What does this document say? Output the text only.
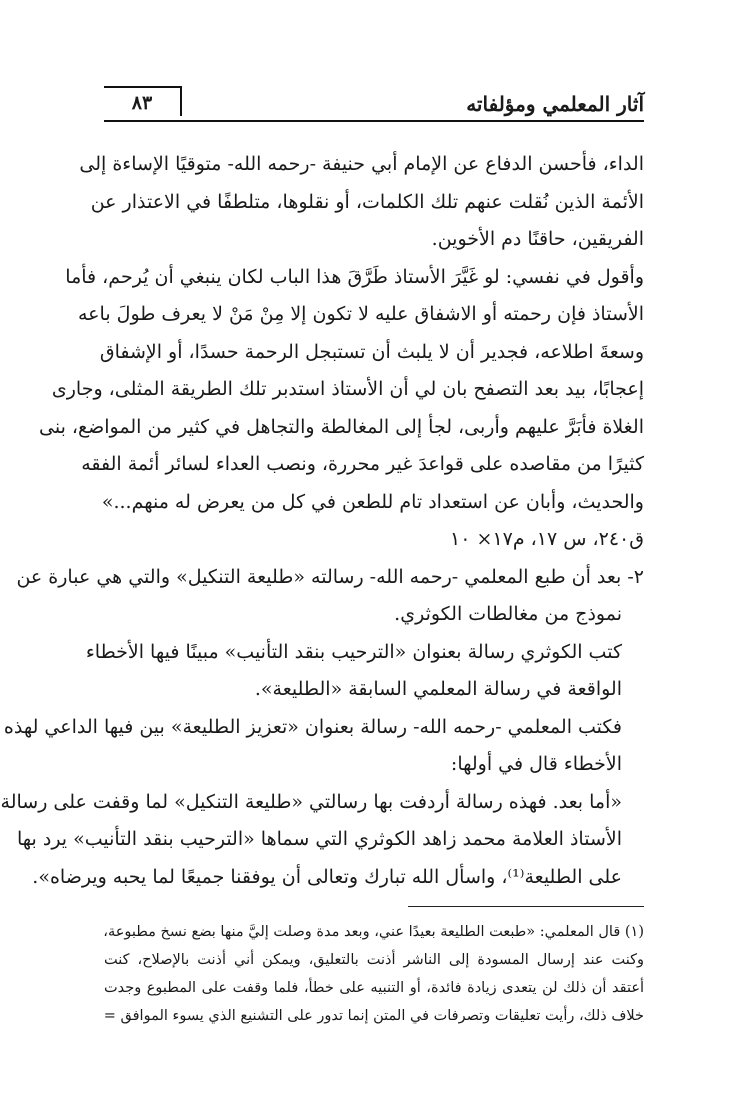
آثار المعلمي ومؤلفاته
٨٣
الداء، فأحسن الدفاع عن الإمام أبي حنيفة -رحمه الله- متوقيًا الإساءة إلى
الأئمة الذين نُقلت عنهم تلك الكلمات، أو نقلوها، متلطفًا في الاعتذار عن
الفريقين، حاقنًا دم الأخوين.
وأقول في نفسي: لو غَيَّرَ الأستاذ طَرَّقَ هذا الباب لكان ينبغي أن يُرحم، فأما
الأستاذ فإن رحمته أو الاشفاق عليه لا تكون إلا مِنْ مَنْ لا يعرف طولَ باعه
وسعةَ اطلاعه، فجدير أن لا يلبث أن تستبجل الرحمة حسدًا، أو الإشفاق
إعجابًا، بيد بعد التصفح بان لي أن الأستاذ استدبر تلك الطريقة المثلى، وجارى
الغلاة فأبَرَّ عليهم وأربى، لجأ إلى المغالطة والتجاهل في كثير من المواضع، بنى
كثيرًا من مقاصده على قواعدَ غير محررة، ونصب العداء لسائر أئمة الفقه
والحديث، وأبان عن استعداد تام للطعن في كل من يعرض له منهم...»
ق٢٤٠، س ١٧، م١٧× ١٠
٢- بعد أن طبع المعلمي -رحمه الله- رسالته «طليعة التنكيل» والتي هي عبارة عن
نموذج من مغالطات الكوثري.
كتب الكوثري رسالة بعنوان «الترحيب بنقد التأنيب» مبينًا فيها الأخطاء
الواقعة في رسالة المعلمي السابقة «الطليعة».
فكتب المعلمي -رحمه الله- رسالة بعنوان «تعزيز الطليعة» بين فيها الداعي لهذه
الأخطاء قال في أولها:
«أما بعد. فهذه رسالة أردفت بها رسالتي «طليعة التنكيل» لما وقفت على رسالة
الأستاذ العلامة محمد زاهد الكوثري التي سماها «الترحيب بنقد التأنيب» يرد بها
على الطليعة⁽¹⁾، واسأل الله تبارك وتعالى أن يوفقنا جميعًا لما يحبه ويرضاه».
(١) قال المعلمي: «طبعت الطليعة بعيدًا عني، وبعد مدة وصلت إليَّ منها بضع نسخ مطبوعة،
وكنت عند إرسال المسودة إلى الناشر أذنت بالتعليق، ويمكن أني أذنت بالإصلاح، كنت
أعتقد أن ذلك لن يتعدى زيادة فائدة، أو التنبيه على خطأ، فلما وقفت على المطبوع وجدت
خلاف ذلك، رأيت تعليقات وتصرفات في المتن إنما تدور على التشنيع الذي يسوء الموافق =
